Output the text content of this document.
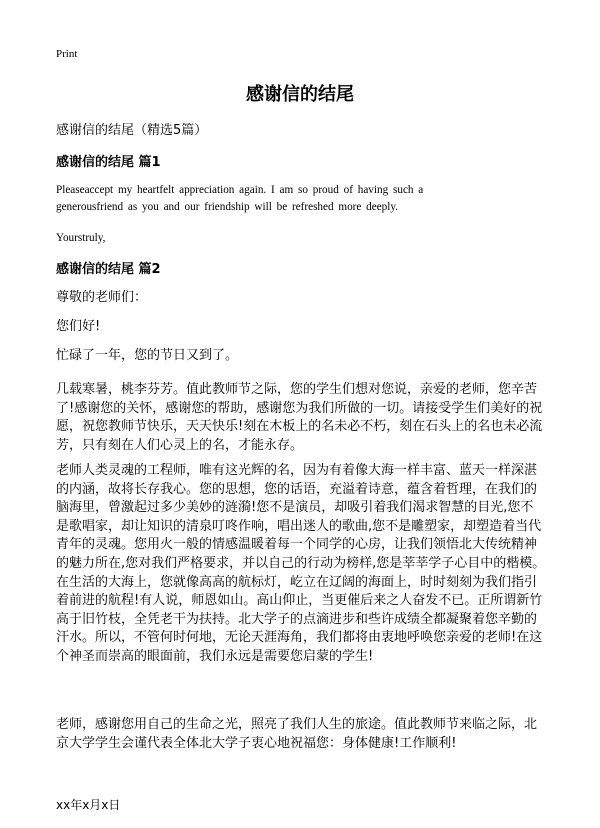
Print
感谢信的结尾
感谢信的结尾（精选5篇）
感谢信的结尾 篇1
Pleaseaccept my heartfelt appreciation again. I am so proud of having such a
generousfriend as you and our friendship will be refreshed more deeply.
Yourstruly,
感谢信的结尾 篇2
尊敬的老师们：
您们好!
忙碌了一年，您的节日又到了。
几载寒暑，桃李芬芳。值此教师节之际，您的学生们想对您说，亲爱的老师，您辛苦了!感谢您的关怀，感谢您的帮助，感谢您为我们所做的一切。请接受学生们美好的祝愿，祝您教师节快乐，天天快乐!刻在木板上的名未必不朽，刻在石头上的名也未必流芳，只有刻在人们心灵上的名，才能永存。
老师人类灵魂的工程师，唯有这光辉的名，因为有着像大海一样丰富、蓝天一样深湛的内涵，故将长存我心。您的思想，您的话语，充溢着诗意，蕴含着哲理，在我们的脑海里，曾激起过多少美妙的涟漪!您不是演员，却吸引着我们渴求智慧的目光,您不是歌唱家，却让知识的清泉叮咚作响，唱出迷人的歌曲,您不是雕塑家，却塑造着当代青年的灵魂。您用火一般的情感温暖着每一个同学的心房，让我们领悟北大传统精神的魅力所在,您对我们严格要求，并以自己的行动为榜样,您是莘莘学子心目中的楷模。在生活的大海上，您就像高高的航标灯，屹立在辽阔的海面上，时时刻刻为我们指引着前进的航程!有人说，师恩如山。高山仰止，当更催后来之人奋发不已。正所谓新竹高于旧竹枝，全凭老干为扶持。北大学子的点滴进步和些许成绩全都凝聚着您辛勤的汗水。所以，不管何时何地，无论天涯海角，我们都将由衷地呼唤您亲爱的老师!在这个神圣而崇高的眼面前，我们永远是需要您启蒙的学生!
老师，感谢您用自己的生命之光，照亮了我们人生的旅途。值此教师节来临之际，北京大学学生会谨代表全体北大学子衷心地祝福您：身体健康!工作顺利!
xx年x月x日
